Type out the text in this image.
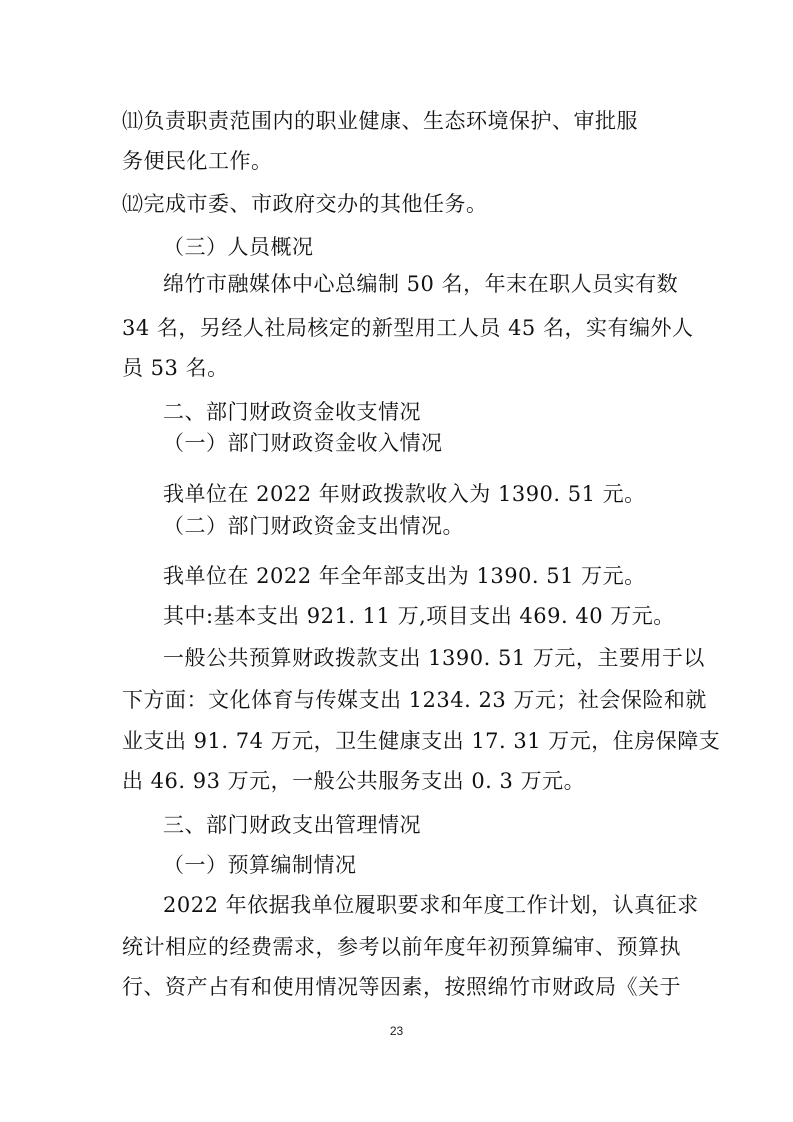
⑾负责职责范围内的职业健康、生态环境保护、审批服
务便民化工作。
⑿完成市委、市政府交办的其他任务。
（三）人员概况
绵竹市融媒体中心总编制 50 名，年末在职人员实有数
34 名，另经人社局核定的新型用工人员 45 名，实有编外人
员 53 名。
二、部门财政资金收支情况
（一）部门财政资金收入情况
我单位在 2022 年财政拨款收入为 1390. 51 元。
（二）部门财政资金支出情况。
我单位在 2022 年全年部支出为 1390. 51 万元。
其中:基本支出 921. 11 万,项目支出 469. 40 万元。
一般公共预算财政拨款支出 1390. 51 万元，主要用于以
下方面：文化体育与传媒支出 1234. 23 万元；社会保险和就
业支出 91. 74 万元，卫生健康支出 17. 31 万元，住房保障支
出 46. 93 万元，一般公共服务支出 0. 3 万元。
三、部门财政支出管理情况
（一）预算编制情况
2022 年依据我单位履职要求和年度工作计划，认真征求
统计相应的经费需求，参考以前年度年初预算编审、预算执
行、资产占有和使用情况等因素，按照绵竹市财政局《关于
23
